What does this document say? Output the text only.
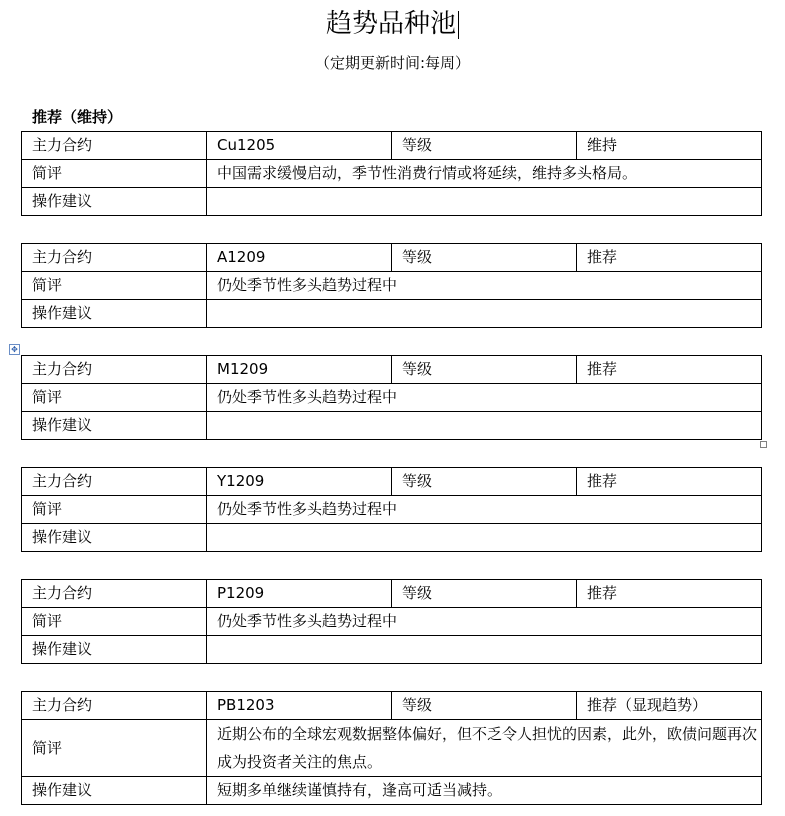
趋势品种池
（定期更新时间:每周）
推荐（维持）
主力合约	Cu1205	等级	维持
简评	中国需求缓慢启动，季节性消费行情或将延续，维持多头格局。		
操作建议			
主力合约	A1209	等级	推荐
简评	仍处季节性多头趋势过程中		
操作建议			
✥
主力合约	M1209	等级	推荐
简评	仍处季节性多头趋势过程中		
操作建议			
主力合约	Y1209	等级	推荐
简评	仍处季节性多头趋势过程中		
操作建议			
主力合约	P1209	等级	推荐
简评	仍处季节性多头趋势过程中		
操作建议			
主力合约	PB1203	等级	推荐（显现趋势）
简评	近期公布的全球宏观数据整体偏好，但不乏令人担忧的因素，此外，欧债问题再次成为投资者关注的焦点。		
操作建议	短期多单继续谨慎持有，逢高可适当减持。		
